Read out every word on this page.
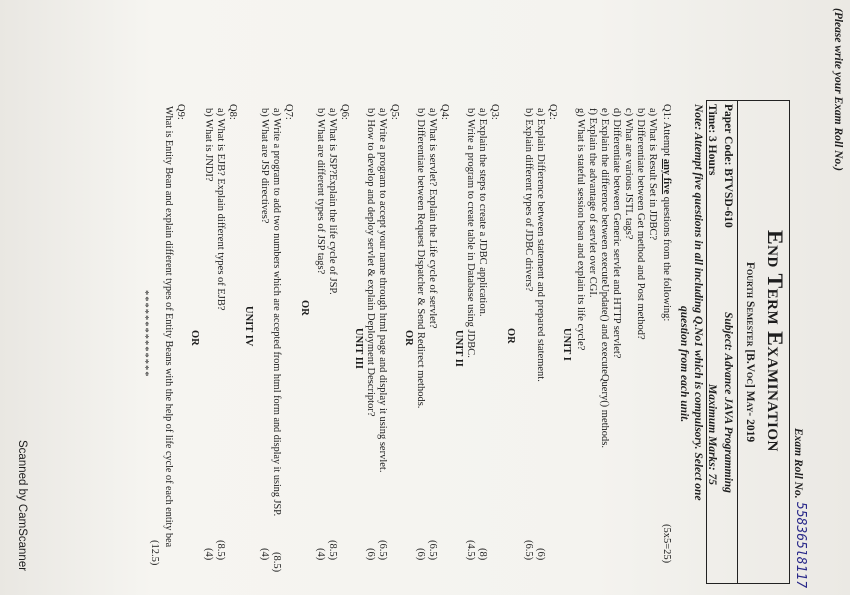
(Please write your Exam Roll No.)
Exam Roll No.
558365l8117
End Term Examination
Fourth Semester [B.Voc] May- 2019
Paper Code: BTVSD-610
Subject: Advance JAVA Programming
Time: 3 Hours
Maximum Marks: 75
Note: Attempt five questions in all including Q.No1 which is compulsory. Select one
question from each unit.
Q1: Attempt any five questions from the following:
(5x5=25)
a) What is Result Set in JDBC?
b) Differentiate between Get method and Post method?
c) What are various JSTL tags?
d) Differentiate between Generic servlet and HTTP servlet?
e) Explain the difference between executeUpdate() and executeQuery() methods.
f) Explain the advantage of servlet over CGI.
g) What is stateful session bean and explain its life cycle?
UNIT I
Q2:
a) Explain Difference between statement and prepared statement.
(6)
b) Explain different types of JDBC drivers?
(6.5)
OR
Q3:
a) Explain the steps to create a JDBC application.
(8)
b) Write a program to create table in Database using JDBC.
(4.5)
UNIT II
Q4:
a) What is servlet? Explain the Life cycle of servlet?
(6.5)
b) Differentiate between Request Dispatcher & Send Redirect methods.
(6)
OR
Q5:
a) Write a program to accept your name through html page and display it using servlet.
(6.5)
b) How to develop and deploy servlet & explain Deployment Descriptor?
(6)
UNIT III
Q6:
a) What is JSP?Explain the life cycle of JSP.
(8.5)
b) What are different types of JSP tags?
(4)
OR
Q7:
a) Write a program to add two numbers which are accepted from html form and display it using JSP.
(8.5)
b) What are JSP directives?
(4)
UNIT IV
Q8:
a) What is EJB? Explain different types of EJB?
(8.5)
b) What is JNDI?
(4)
OR
Q9:
What is Entity Bean and explain different types of Entity Beans with the help of life cycle of each entity bea
(12.5)
**************
Scanned by CamScanner
